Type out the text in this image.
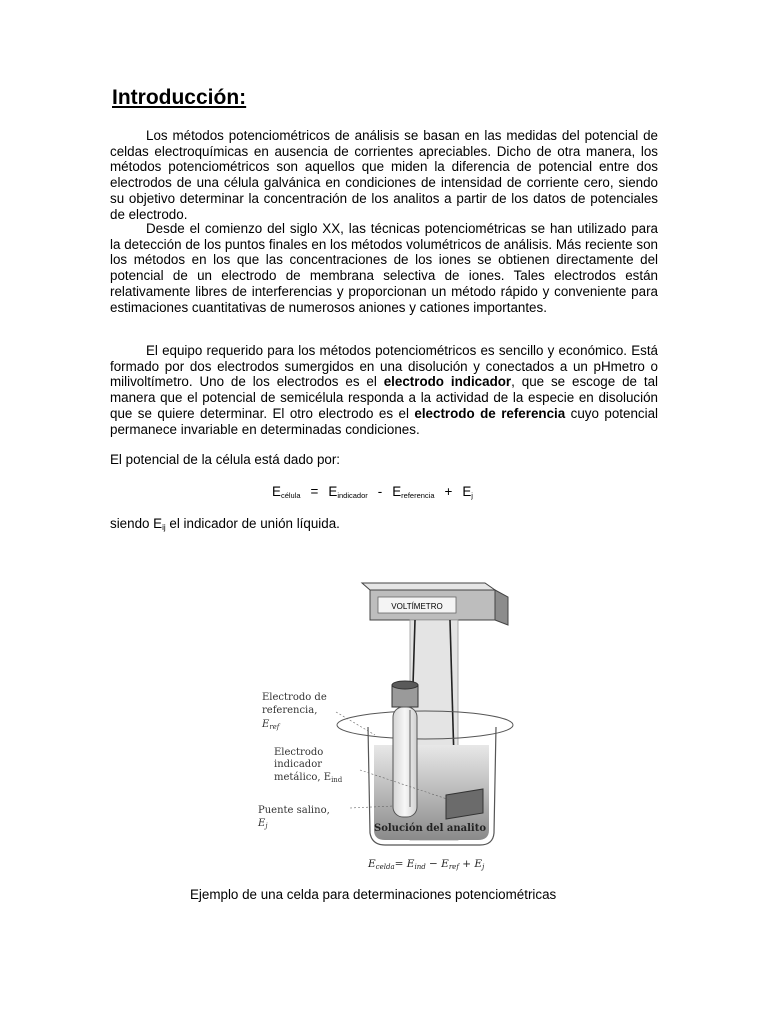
Introducción:

Los métodos potenciométricos de análisis se basan en las medidas del potencial de celdas electroquímicas en ausencia de corrientes apreciables. Dicho de otra manera, los métodos potenciométricos son aquellos que miden la diferencia de potencial entre dos electrodos de una célula galvánica en condiciones de intensidad de corriente cero, siendo su objetivo determinar la concentración de los analitos a partir de los datos de potenciales de electrodo.

Desde el comienzo del siglo XX, las técnicas potenciométricas se han utilizado para la detección de los puntos finales en los métodos volumétricos de análisis. Más reciente son los métodos en los que las concentraciones de los iones se obtienen directamente del potencial de un electrodo de membrana selectiva de iones. Tales electrodos están relativamente libres de interferencias y proporcionan un método rápido y conveniente para estimaciones cuantitativas de numerosos aniones y cationes importantes.

El equipo requerido para los métodos potenciométricos es sencillo y económico. Está formado por dos electrodos sumergidos en una disolución y conectados a un pHmetro o milivoltímetro. Uno de los electrodos es el electrodo indicador, que se escoge de tal manera que el potencial de semicélula responda a la actividad de la especie en disolución que se quiere determinar. El otro electrodo es el electrodo de referencia cuyo potencial permanece invariable en determinadas condiciones.

El potencial de la célula está dado por:

$E_{célula} = E_{indicador} - E_{referencia} + E_j$

siendo $E_{ij}$ el indicador de unión líquida.

VOLTÍMETRO
Electrodo de
referencia,
$E_{ref}$
Electrodo
indicador
metálico, $E_{ind}$
Puente salino,
$E_j$	Solución del analito
Ecelda= Eind − Eref + Ej

Ejemplo de una celda para determinaciones potenciométricas
